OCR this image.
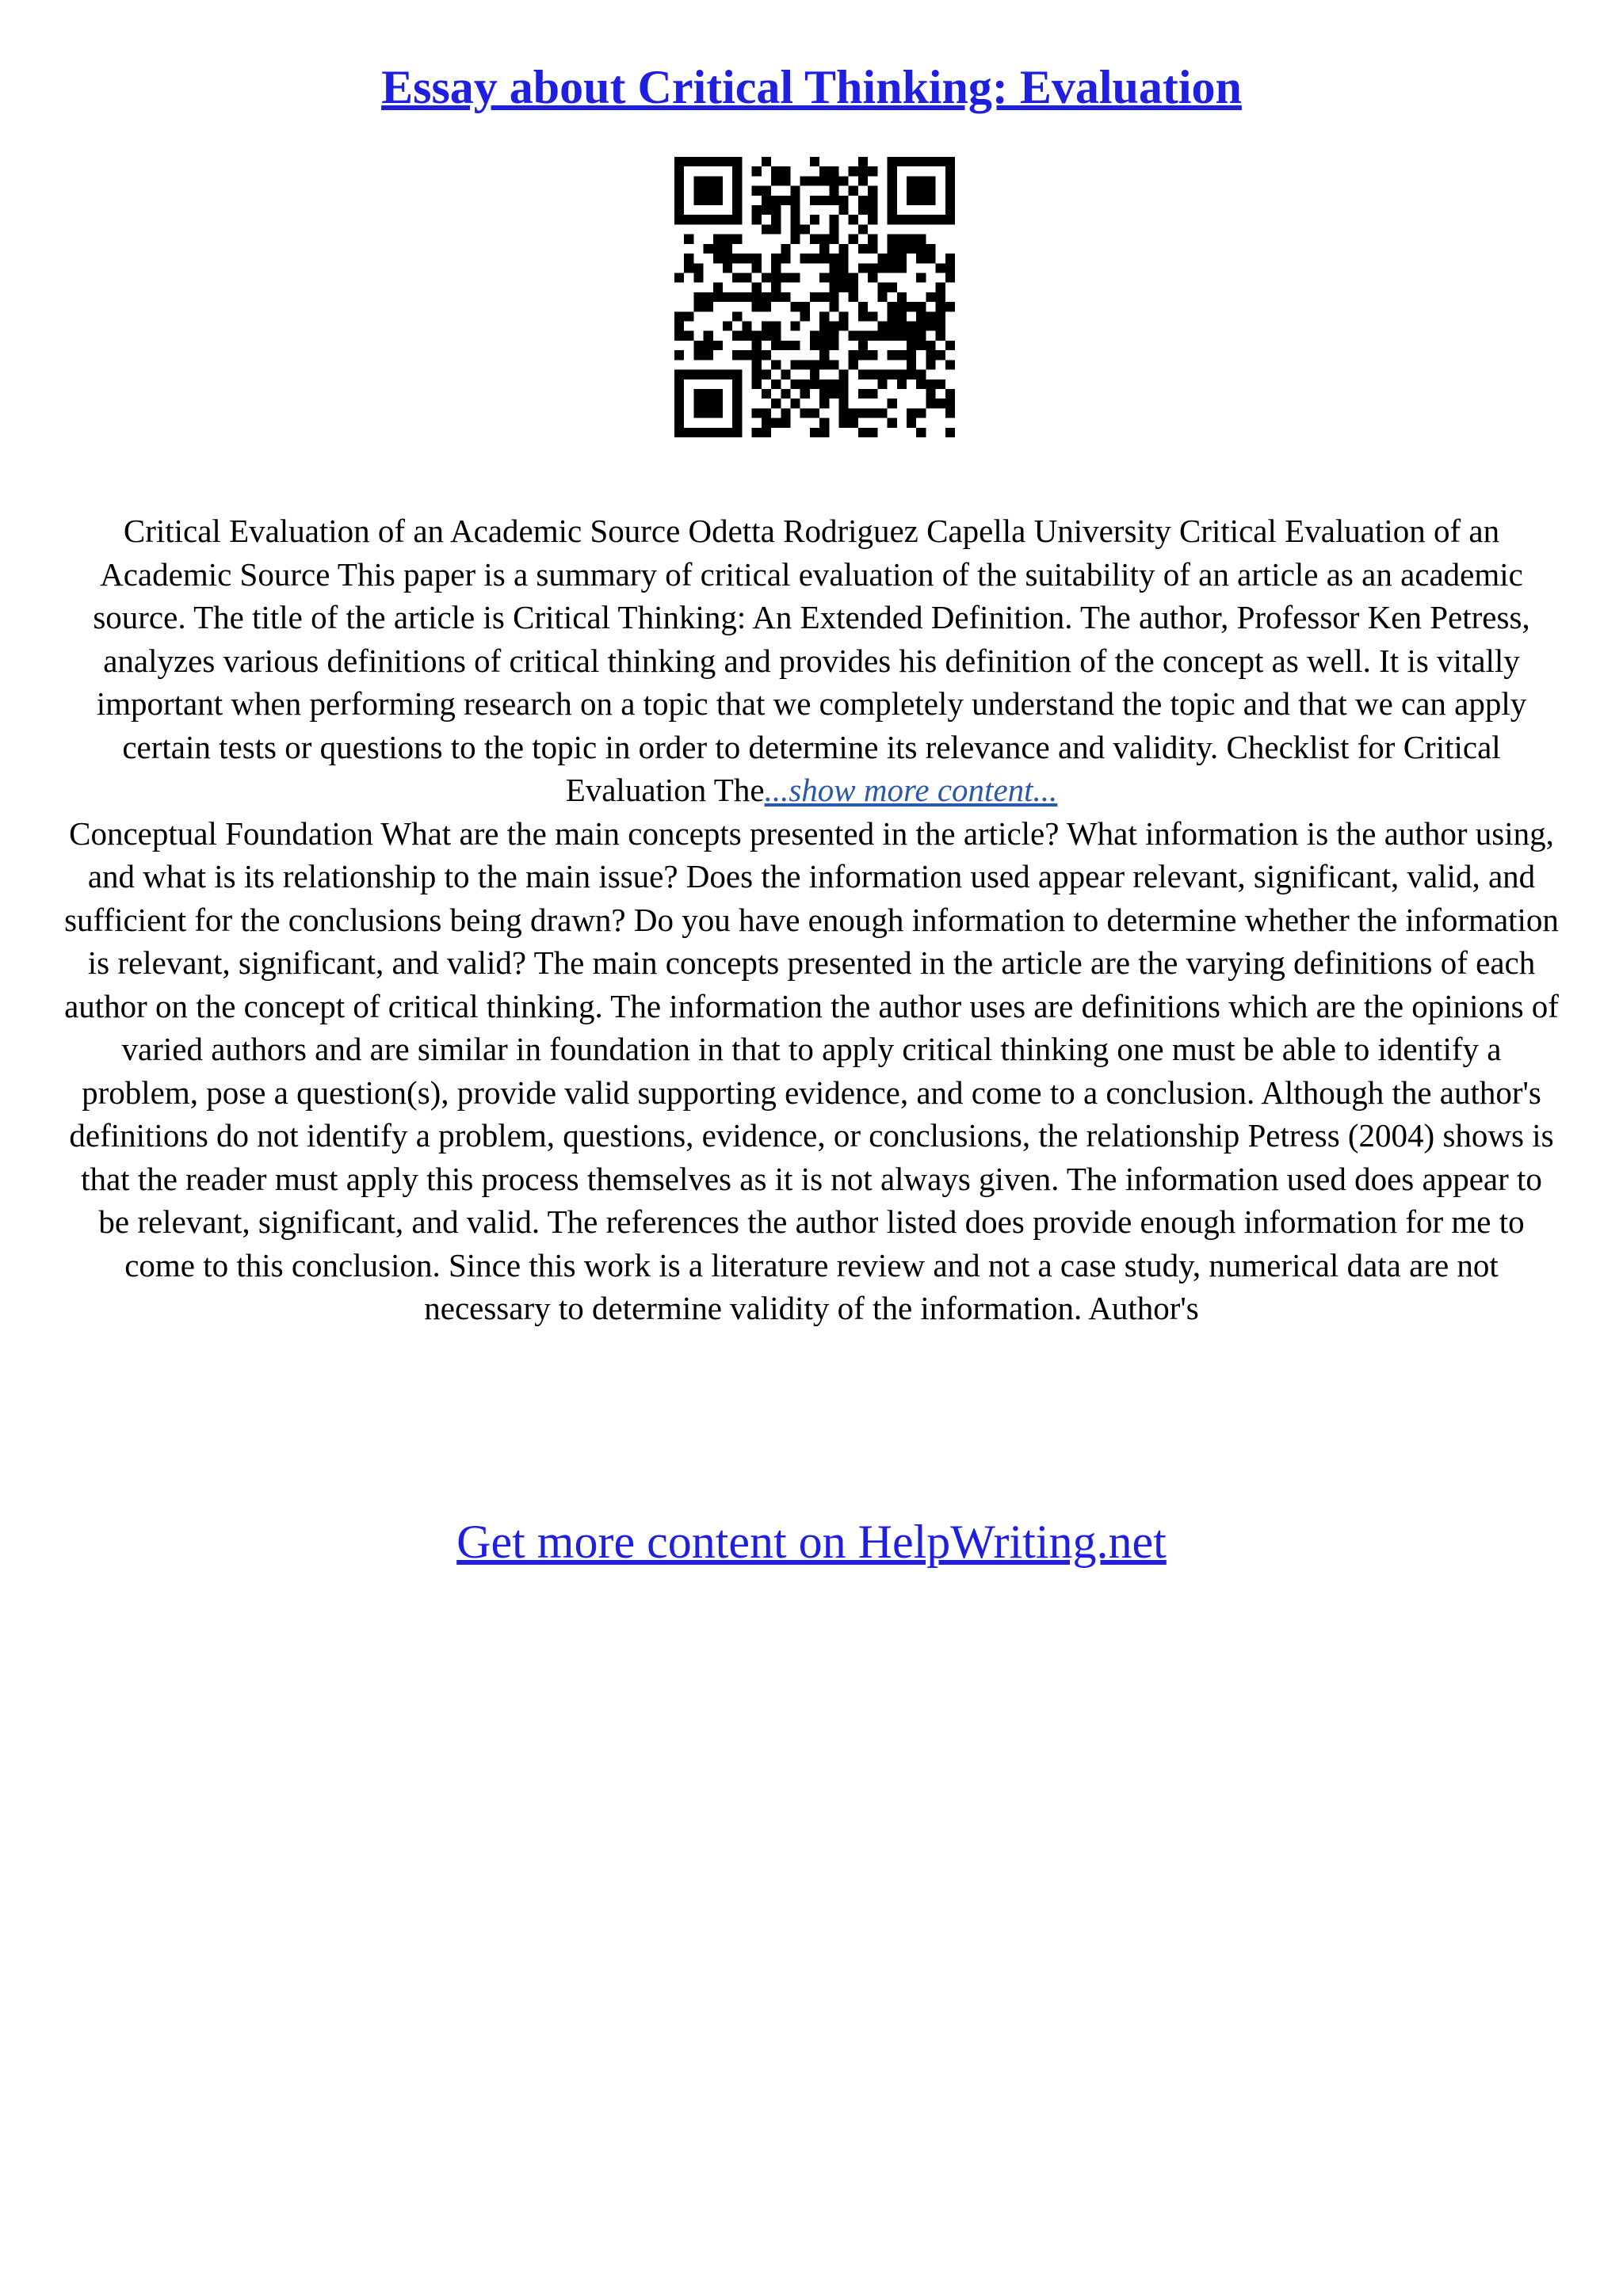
Essay about Critical Thinking: Evaluation
Critical Evaluation of an Academic Source Odetta Rodriguez Capella University Critical Evaluation of an Academic Source This paper is a summary of critical evaluation of the suitability of an article as an academic source. The title of the article is Critical Thinking: An Extended Definition. The author, Professor Ken Petress, analyzes various definitions of critical thinking and provides his definition of the concept as well. It is vitally important when performing research on a topic that we completely understand the topic and that we can apply certain tests or questions to the topic in order to determine its relevance and validity. Checklist for Critical Evaluation The...show more content...
Conceptual Foundation What are the main concepts presented in the article? What information is the author using, and what is its relationship to the main issue? Does the information used appear relevant, significant, valid, and sufficient for the conclusions being drawn? Do you have enough information to determine whether the information is relevant, significant, and valid? The main concepts presented in the article are the varying definitions of each author on the concept of critical thinking. The information the author uses are definitions which are the opinions of varied authors and are similar in foundation in that to apply critical thinking one must be able to identify a problem, pose a question(s), provide valid supporting evidence, and come to a conclusion. Although the author's definitions do not identify a problem, questions, evidence, or conclusions, the relationship Petress (2004) shows is that the reader must apply this process themselves as it is not always given. The information used does appear to be relevant, significant, and valid. The references the author listed does provide enough information for me to come to this conclusion. Since this work is a literature review and not a case study, numerical data are not necessary to determine validity of the information. Author's
Get more content on HelpWriting.net
